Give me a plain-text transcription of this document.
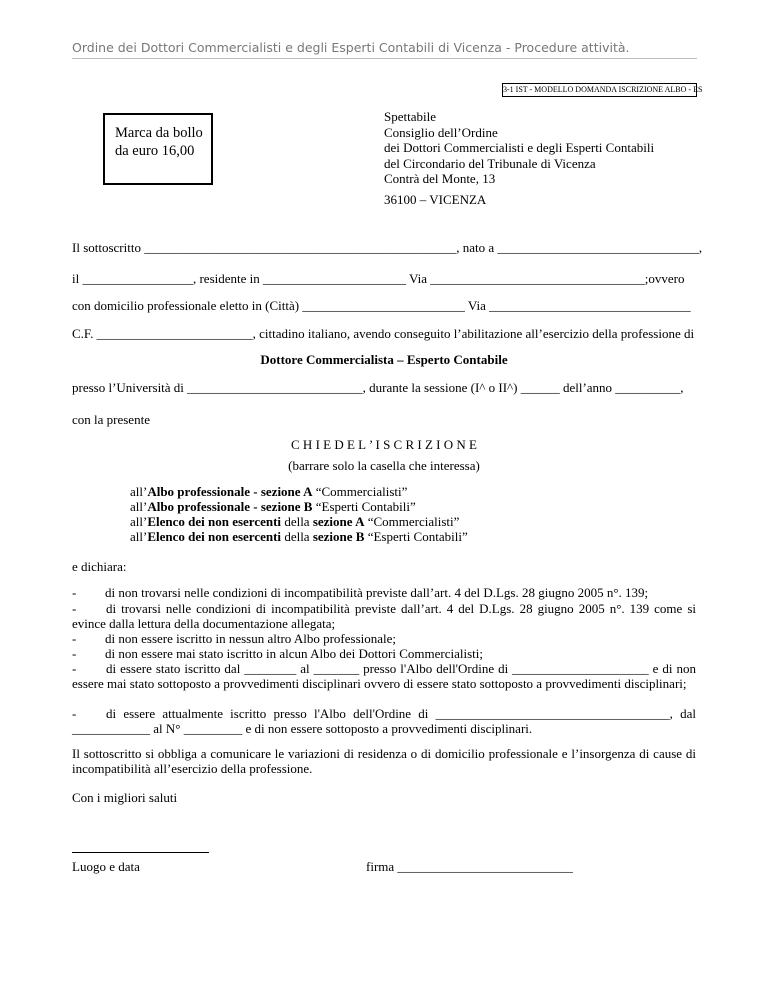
Ordine dei Dottori Commercialisti e degli Esperti Contabili di Vicenza - Procedure attività.
3-1 IST - MODELLO DOMANDA ISCRIZIONE ALBO - ES
Marca da bollo
da euro 16,00
Spettabile
Consiglio dell’Ordine
dei Dottori Commercialisti e degli Esperti Contabili
del Circondario del Tribunale di Vicenza
Contrà del Monte, 13
36100 – VICENZA
Il sottoscritto ________________________________________________, nato a _______________________________,
il _________________, residente in ______________________ Via _________________________________;ovvero
con domicilio professionale eletto in (Città) _________________________ Via _______________________________
C.F. ________________________, cittadino italiano, avendo conseguito l’abilitazione all’esercizio della professione di
Dottore Commercialista – Esperto Contabile
presso l’Università di ___________________________, durante la sessione (I^ o II^) ______ dell’anno __________,
con la presente
C H I E D E L ’ I S C R I Z I O N E
(barrare solo la casella che interessa)
all’Albo professionale - sezione A “Commercialisti”
all’Albo professionale - sezione B “Esperti Contabili”
all’Elenco dei non esercenti della sezione A “Commercialisti”
all’Elenco dei non esercenti della sezione B “Esperti Contabili”
e dichiara:
-	di non trovarsi nelle condizioni di incompatibilità previste dall’art. 4 del D.Lgs. 28 giugno 2005 n°. 139;
-	di trovarsi nelle condizioni di incompatibilità previste dall’art. 4 del D.Lgs. 28 giugno 2005 n°. 139 come si evince dalla lettura della documentazione allegata;
-	di non essere iscritto in nessun altro Albo professionale;
-	di non essere mai stato iscritto in alcun Albo dei Dottori Commercialisti;
-	di essere stato iscritto dal ________ al _______ presso l'Albo dell'Ordine di _____________________ e di non essere mai stato sottoposto a provvedimenti disciplinari ovvero di essere stato sottoposto a provvedimenti disciplinari;
-	di essere attualmente iscritto presso l'Albo dell'Ordine di ____________________________________, dal ____________ al N° _________ e di non essere sottoposto a provvedimenti disciplinari.
Il sottoscritto si obbliga a comunicare le variazioni di residenza o di domicilio professionale e l’insorgenza di cause di incompatibilità all’esercizio della professione.
Con i migliori saluti
Luogo e data	firma ___________________________
